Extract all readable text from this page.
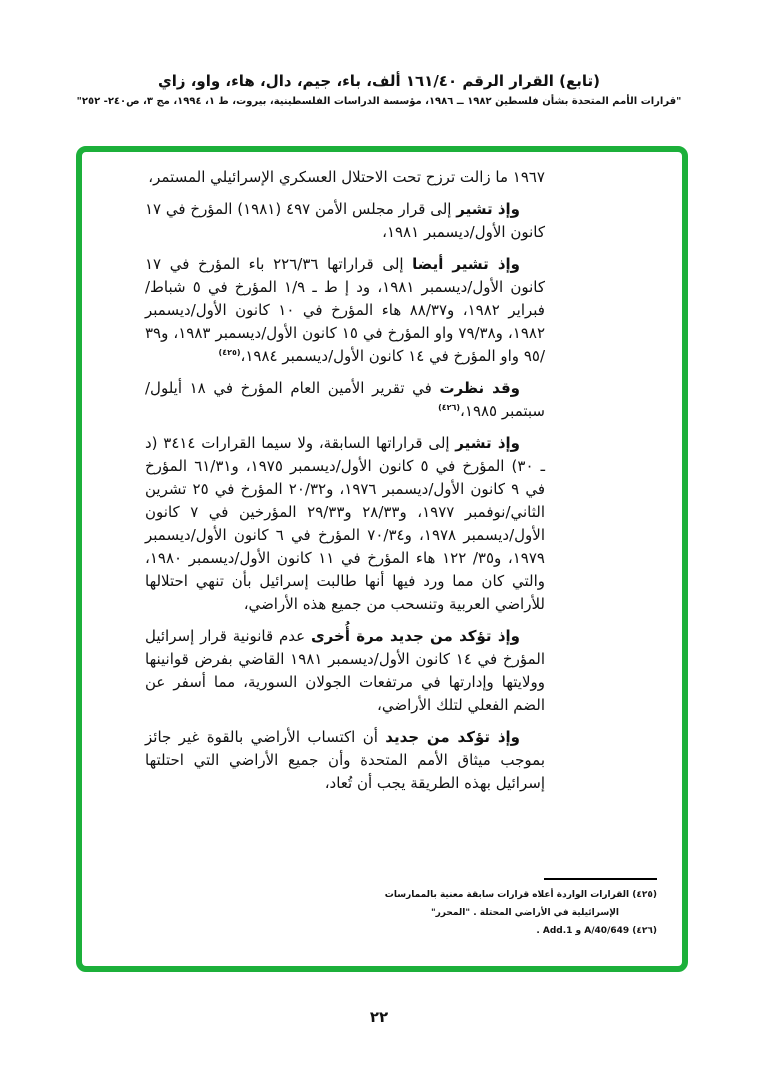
(تابع) القرار الرقم ١٦١/٤٠ ألف، باء، جيم، دال، هاء، واو، زاي
"قرارات الأمم المتحدة بشأن فلسطين ١٩٨٢ ــ ١٩٨٦، مؤسسة الدراسات الفلسطينية، بيروت، ط ١، ١٩٩٤، مج ٣، ص٢٤٠- ٢٥٢"

١٩٦٧ ما زالت ترزح تحت الاحتلال العسكري الإسرائيلي المستمر،

وإذ تشير إلى قرار مجلس الأمن ٤٩٧ (١٩٨١) المؤرخ في ١٧ كانون الأول/ديسمبر ١٩٨١،

وإذ تشير أيضا إلى قراراتها ٢٢٦/٣٦ باء المؤرخ في ١٧ كانون الأول/ديسمبر ١٩٨١، ود إ ط ـ ١/٩ المؤرخ في ٥ شباط/فبراير ١٩٨٢، و٨٨/٣٧ هاء المؤرخ في ١٠ كانون الأول/ديسمبر ١٩٨٢، و٧٩/٣٨ واو المؤرخ في ١٥ كانون الأول/ديسمبر ١٩٨٣، و٣٩ /٩٥ واو المؤرخ في ١٤ كانون الأول/ديسمبر ١٩٨٤،$^{(٤٢٥)}$

وقد نظرت في تقرير الأمين العام المؤرخ في ١٨ أيلول/سبتمبر ١٩٨٥،$^{(٤٢٦)}$

وإذ تشير إلى قراراتها السابقة، ولا سيما القرارات ٣٤١٤ (د ـ ٣٠) المؤرخ في ٥ كانون الأول/ديسمبر ١٩٧٥، و٦١/٣١ المؤرخ في ٩ كانون الأول/ديسمبر ١٩٧٦، و٢٠/٣٢ المؤرخ في ٢٥ تشرين الثاني/نوفمبر ١٩٧٧، و٢٨/٣٣ و٢٩/٣٣ المؤرخين في ٧ كانون الأول/ديسمبر ١٩٧٨، و٧٠/٣٤ المؤرخ في ٦ كانون الأول/ديسمبر ١٩٧٩، و٣٥/ ١٢٢ هاء المؤرخ في ١١ كانون الأول/ديسمبر ١٩٨٠، والتي كان مما ورد فيها أنها طالبت إسرائيل بأن تنهي احتلالها للأراضي العربية وتنسحب من جميع هذه الأراضي،

وإذ تؤكد من جديد مرة أُخرى عدم قانونية قرار إسرائيل المؤرخ في ١٤ كانون الأول/ديسمبر ١٩٨١ القاضي بفرض قوانينها وولايتها وإدارتها في مرتفعات الجولان السورية، مما أسفر عن الضم الفعلي لتلك الأراضي،

وإذ تؤكد من جديد أن اكتساب الأراضي بالقوة غير جائز بموجب ميثاق الأمم المتحدة وأن جميع الأراضي التي احتلتها إسرائيل بهذه الطريقة يجب أن تُعاد،

(٤٢٥) القرارات الواردة أعلاه قرارات سابقة معنية بالممارسات
الإسرائيلية في الأراضي المحتلة . "المحرر"
(٤٢٦) A/40/649 و Add.1 .
٢٢
